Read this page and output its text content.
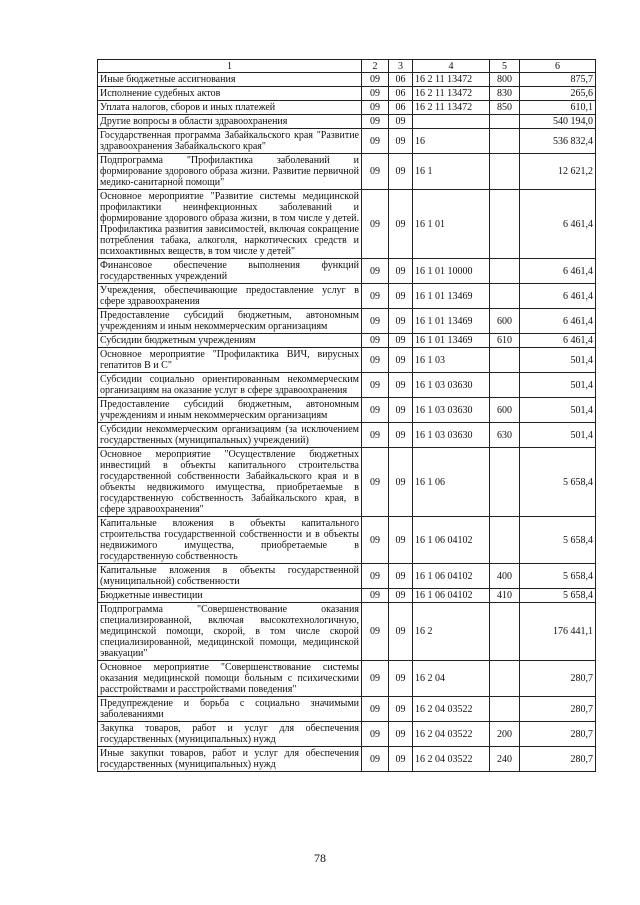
1	2	3	4	5	6
Иные бюджетные ассигнования	09	06	16 2 11 13472	800	875,7
Исполнение судебных актов	09	06	16 2 11 13472	830	265,6
Уплата налогов, сборов и иных платежей	09	06	16 2 11 13472	850	610,1
Другие вопросы в области здравоохранения	09	09			540 194,0
Государственная программа Забайкальского края "Развитие здравоохранения Забайкальского края"	09	09	16		536 832,4
Подпрограмма "Профилактика заболеваний и формирование здорового образа жизни. Развитие первичной медико-санитарной помощи"	09	09	16 1		12 621,2
Основное мероприятие "Развитие системы медицинской профилактики неинфекционных заболеваний и формирование здорового образа жизни, в том числе у детей. Профилактика развития зависимостей, включая сокращение потребления табака, алкоголя, наркотических средств и психоактивных веществ, в том числе у детей"	09	09	16 1 01		6 461,4
Финансовое обеспечение выполнения функций государственных учреждений	09	09	16 1 01 10000		6 461,4
Учреждения, обеспечивающие предоставление услуг в сфере здравоохранения	09	09	16 1 01 13469		6 461,4
Предоставление субсидий бюджетным, автономным учреждениям и иным некоммерческим организациям	09	09	16 1 01 13469	600	6 461,4
Субсидии бюджетным учреждениям	09	09	16 1 01 13469	610	6 461,4
Основное мероприятие "Профилактика ВИЧ, вирусных гепатитов В и С"	09	09	16 1 03		501,4
Субсидии социально ориентированным некоммерческим организациям на оказание услуг в сфере здравоохранения	09	09	16 1 03 03630		501,4
Предоставление субсидий бюджетным, автономным учреждениям и иным некоммерческим организациям	09	09	16 1 03 03630	600	501,4
Субсидии некоммерческим организациям (за исключением государственных (муниципальных) учреждений)	09	09	16 1 03 03630	630	501,4
Основное мероприятие "Осуществление бюджетных инвестиций в объекты капитального строительства государственной собственности Забайкальского края и в объекты недвижимого имущества, приобретаемые в государственную собственность Забайкальского края, в сфере здравоохранения"	09	09	16 1 06		5 658,4
Капитальные вложения в объекты капитального строительства государственной собственности и в объекты недвижимого имущества, приобретаемые в государственную собственность	09	09	16 1 06 04102		5 658,4
Капитальные вложения в объекты государственной (муниципальной) собственности	09	09	16 1 06 04102	400	5 658,4
Бюджетные инвестиции	09	09	16 1 06 04102	410	5 658,4
Подпрограмма "Совершенствование оказания специализированной, включая высокотехнологичную, медицинской помощи, скорой, в том числе скорой специализированной, медицинской помощи, медицинской эвакуации"	09	09	16 2		176 441,1
Основное мероприятие "Совершенствование системы оказания медицинской помощи больным с психическими расстройствами и расстройствами поведения"	09	09	16 2 04		280,7
Предупреждение и борьба с социально значимыми заболеваниями	09	09	16 2 04 03522		280,7
Закупка товаров, работ и услуг для обеспечения государственных (муниципальных) нужд	09	09	16 2 04 03522	200	280,7
Иные закупки товаров, работ и услуг для обеспечения государственных (муниципальных) нужд	09	09	16 2 04 03522	240	280,7
78
